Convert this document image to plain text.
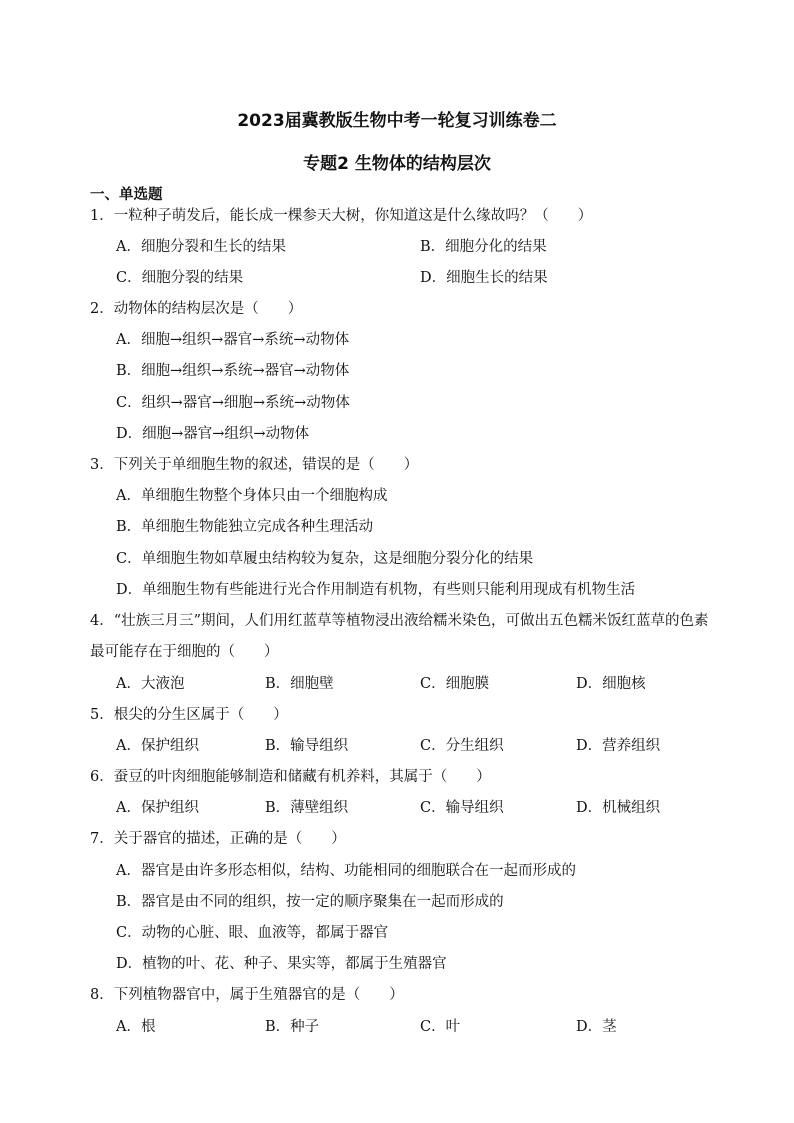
2023届冀教版生物中考一轮复习训练卷二
专题2 生物体的结构层次
一、单选题
1．一粒种子萌发后，能长成一棵参天大树，你知道这是什么缘故吗？（　　）
A．细胞分裂和生长的结果	B．细胞分化的结果
C．细胞分裂的结果	D．细胞生长的结果
2．动物体的结构层次是（　　）
A．细胞→组织→器官→系统→动物体
B．细胞→组织→系统→器官→动物体
C．组织→器官→细胞→系统→动物体
D．细胞→器官→组织→动物体
3．下列关于单细胞生物的叙述，错误的是（　　）
A．单细胞生物整个身体只由一个细胞构成
B．单细胞生物能独立完成各种生理活动
C．单细胞生物如草履虫结构较为复杂，这是细胞分裂分化的结果
D．单细胞生物有些能进行光合作用制造有机物，有些则只能利用现成有机物生活
4．“壮族三月三”期间，人们用红蓝草等植物浸出液给糯米染色，可做出五色糯米饭红蓝草的色素最可能存在于细胞的（　　）
A．大液泡	B．细胞壁	C．细胞膜	D．细胞核
5．根尖的分生区属于（　　）
A．保护组织	B．输导组织	C．分生组织	D．营养组织
6．蚕豆的叶肉细胞能够制造和储藏有机养料，其属于（　　）
A．保护组织	B．薄壁组织	C．输导组织	D．机械组织
7．关于器官的描述，正确的是（　　）
A．器官是由许多形态相似，结构、功能相同的细胞联合在一起而形成的
B．器官是由不同的组织，按一定的顺序聚集在一起而形成的
C．动物的心脏、眼、血液等，都属于器官
D．植物的叶、花、种子、果实等，都属于生殖器官
8．下列植物器官中，属于生殖器官的是（　　）
A．根	B．种子	C．叶	D．茎
